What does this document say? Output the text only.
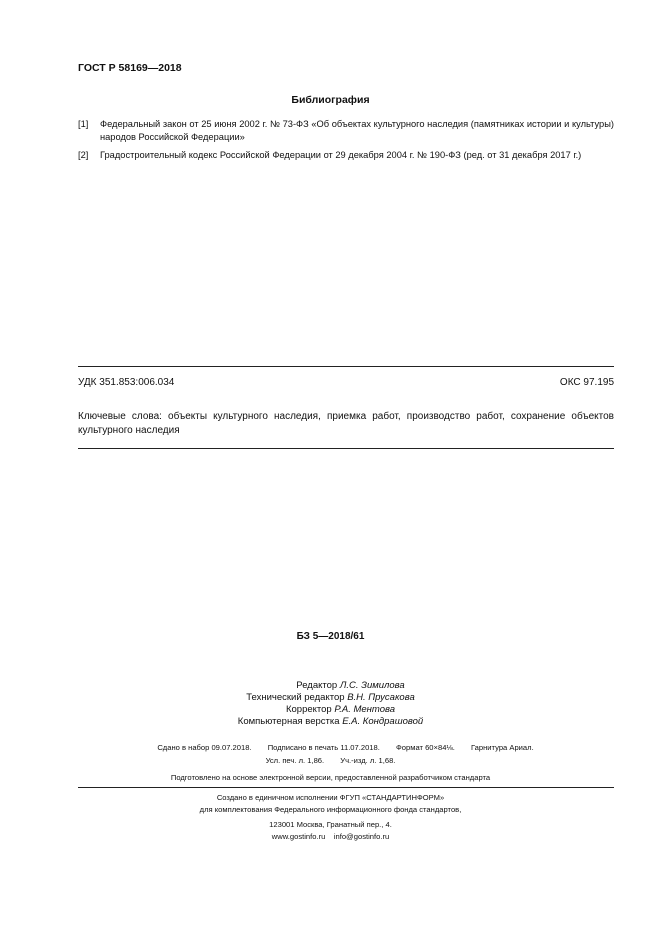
ГОСТ Р 58169—2018
Библиография
[1] Федеральный закон от 25 июня 2002 г. № 73-ФЗ «Об объектах культурного наследия (памятниках истории и культуры) народов Российской Федерации»
[2] Градостроительный кодекс Российской Федерации от 29 декабря 2004 г. № 190-ФЗ (ред. от 31 декабря 2017 г.)
УДК 351.853:006.034	ОКС 97.195
Ключевые слова: объекты культурного наследия, приемка работ, производство работ, сохранение объектов культурного наследия
БЗ 5—2018/61
Редактор Л.С. Зимилова
Технический редактор В.Н. Прусакова
Корректор Р.А. Ментова
Компьютерная верстка Е.А. Кондрашовой
Сдано в набор 09.07.2018. Подписано в печать 11.07.2018. Формат 60×84⅛. Гарнитура Ариал.
Усл. печ. л. 1,86. Уч.-изд. л. 1,68.
Подготовлено на основе электронной версии, предоставленной разработчиком стандарта
Создано в единичном исполнении ФГУП «СТАНДАРТИНФОРМ»
для комплектования Федерального информационного фонда стандартов,
123001 Москва, Гранатный пер., 4.
www.gostinfo.ru info@gostinfo.ru
